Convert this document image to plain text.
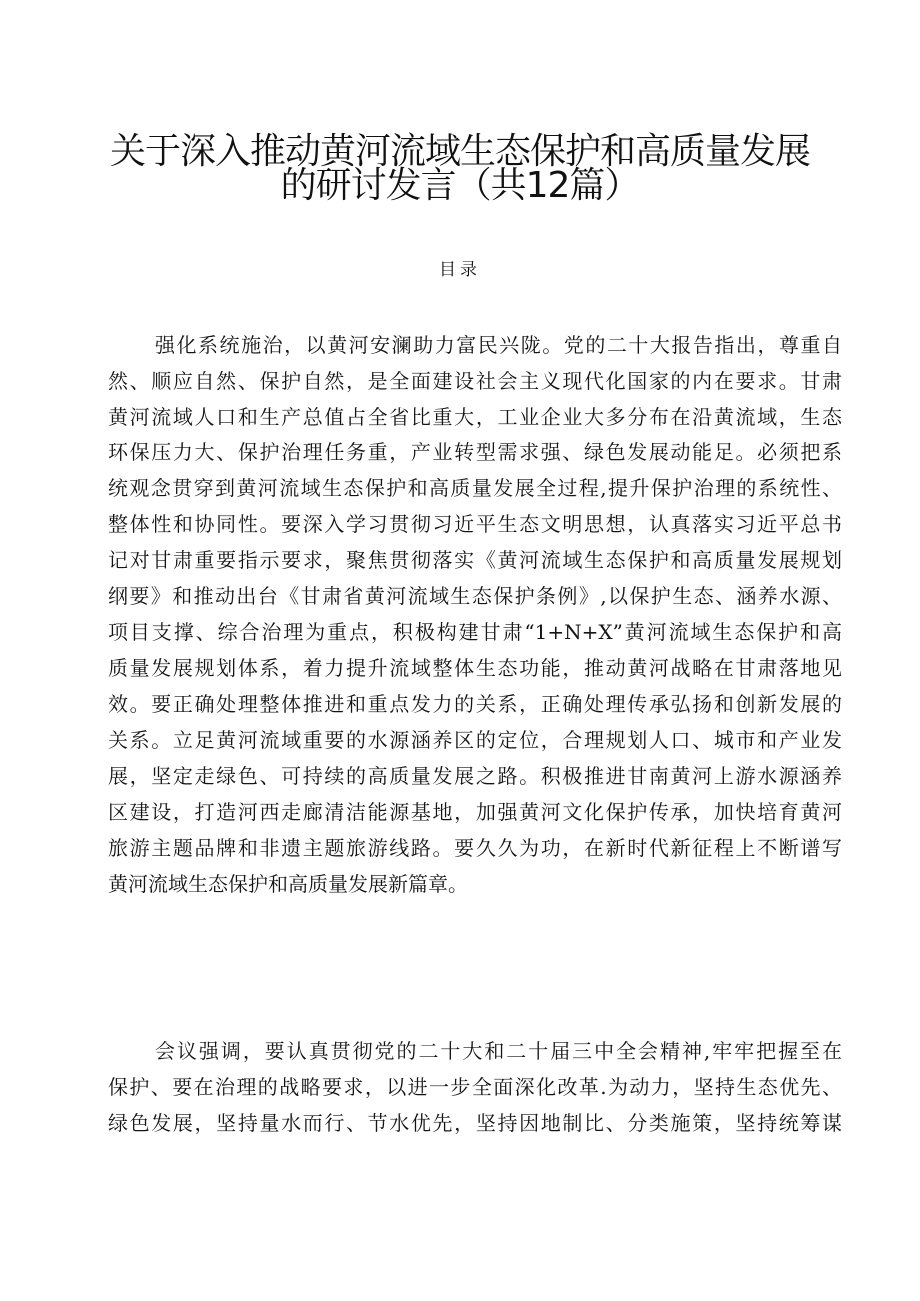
关于深入推动黄河流域生态保护和高质量发展
的研讨发言（共12篇）
目录
强化系统施治，以黄河安澜助力富民兴陇。党的二十大报告指出，尊重自
然、顺应自然、保护自然，是全面建设社会主义现代化国家的内在要求。甘肃
黄河流域人口和生产总值占全省比重大，工业企业大多分布在沿黄流域，生态
环保压力大、保护治理任务重，产业转型需求强、绿色发展动能足。必须把系
统观念贯穿到黄河流域生态保护和高质量发展全过程,提升保护治理的系统性、
整体性和协同性。要深入学习贯彻习近平生态文明思想，认真落实习近平总书
记对甘肃重要指示要求，聚焦贯彻落实《黄河流域生态保护和高质量发展规划
纲要》和推动出台《甘肃省黄河流域生态保护条例》,以保护生态、涵养水源、
项目支撑、综合治理为重点，积极构建甘肃“1+N+X”黄河流域生态保护和高
质量发展规划体系，着力提升流域整体生态功能，推动黄河战略在甘肃落地见
效。要正确处理整体推进和重点发力的关系，正确处理传承弘扬和创新发展的
关系。立足黄河流域重要的水源涵养区的定位，合理规划人口、城市和产业发
展，坚定走绿色、可持续的高质量发展之路。积极推进甘南黄河上游水源涵养
区建设，打造河西走廊清洁能源基地，加强黄河文化保护传承，加快培育黄河
旅游主题品牌和非遗主题旅游线路。要久久为功，在新时代新征程上不断谱写
黄河流域生态保护和高质量发展新篇章。
会议强调，要认真贯彻党的二十大和二十届三中全会精神,牢牢把握至在
保护、要在治理的战略要求，以进一步全面深化改革.为动力，坚持生态优先、
绿色发展，坚持量水而行、节水优先，坚持因地制比、分类施策，坚持统筹谋
